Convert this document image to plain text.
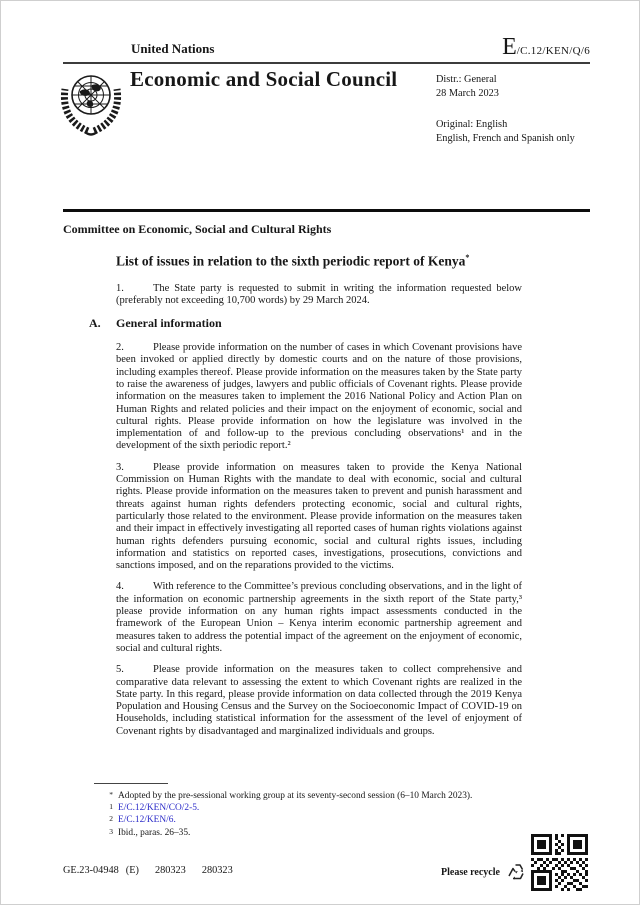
United Nations	E /C.12/KEN/Q/6
Economic and Social Council	Distr.: General
28 March 2023
Original: English
English, French and Spanish only
Committee on Economic, Social and Cultural Rights
List of issues in relation to the sixth periodic report of Kenya*

1.	The State party is requested to submit in writing the information requested below (preferably not exceeding 10,700 words) by 29 March 2024.

A. General information

2.	Please provide information on the number of cases in which Covenant provisions have been invoked or applied directly by domestic courts and on the nature of those provisions, including examples thereof. Please provide information on the measures taken by the State party to raise the awareness of judges, lawyers and public officials of Covenant rights. Please provide information on the measures taken to implement the 2016 National Policy and Action Plan on Human Rights and related policies and their impact on the enjoyment of economic, social and cultural rights. Please provide information on how the legislature was involved in the implementation of and follow-up to the previous concluding observations¹ and in the development of the sixth periodic report.²

3.	Please provide information on measures taken to provide the Kenya National Commission on Human Rights with the mandate to deal with economic, social and cultural rights. Please provide information on the measures taken to prevent and punish harassment and threats against human rights defenders protecting economic, social and cultural rights, particularly those related to the environment. Please provide information on the measures taken and their impact in effectively investigating all reported cases of human rights violations against human rights defenders pursuing economic, social and cultural rights issues, including information and statistics on reported cases, investigations, prosecutions, convictions and sanctions imposed, and on the reparations provided to the victims.

4.	With reference to the Committee’s previous concluding observations, and in the light of the information on economic partnership agreements in the sixth report of the State party,³ please provide information on any human rights impact assessments conducted in the framework of the European Union – Kenya interim economic partnership agreement and measures taken to address the potential impact of the agreement on the enjoyment of economic, social and cultural rights.

5.	Please provide information on the measures taken to collect comprehensive and comparative data relevant to assessing the extent to which Covenant rights are realized in the State party. In this regard, please provide information on data collected through the 2019 Kenya Population and Housing Census and the Survey on the Socioeconomic Impact of COVID-19 on Households, including statistical information for the assessment of the level of enjoyment of Covenant rights by disadvantaged and marginalized individuals and groups.

* Adopted by the pre-sessional working group at its seventy-second session (6–10 March 2023).
1 E/C.12/KEN/CO/2-5.
2 E/C.12/KEN/6.
3 Ibid., paras. 26–35.
GE.23-04948 (E) 280323 280323	Please recycle
